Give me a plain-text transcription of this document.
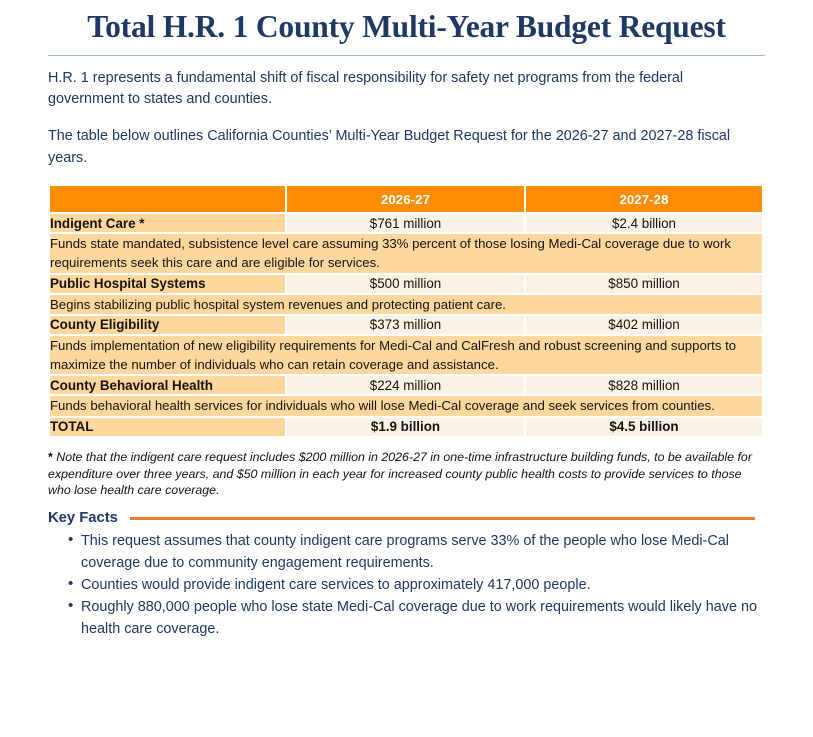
Total H.R. 1 County Multi-Year Budget Request

H.R. 1 represents a fundamental shift of fiscal responsibility for safety net programs from the federal government to states and counties.

The table below outlines California Counties’ Multi-Year Budget Request for the 2026-27 and 2027-28 fiscal years.

	2026-27	2027-28
Indigent Care *	$761 million	$2.4 billion
Funds state mandated, subsistence level care assuming 33% percent of those losing Medi-Cal coverage due to work requirements seek this care and are eligible for services.		
Public Hospital Systems	$500 million	$850 million
Begins stabilizing public hospital system revenues and protecting patient care.		
County Eligibility	$373 million	$402 million
Funds implementation of new eligibility requirements for Medi-Cal and CalFresh and robust screening and supports to maximize the number of individuals who can retain coverage and assistance.		
County Behavioral Health	$224 million	$828 million
Funds behavioral health services for individuals who will lose Medi-Cal coverage and seek services from counties.		
TOTAL	$1.9 billion	$4.5 billion

* Note that the indigent care request includes $200 million in 2026-27 in one-time infrastructure building funds, to be available for expenditure over three years, and $50 million in each year for increased county public health costs to provide services to those who lose health care coverage.

Key Facts
• This request assumes that county indigent care programs serve 33% of the people who lose Medi-Cal coverage due to community engagement requirements.
• Counties would provide indigent care services to approximately 417,000 people.
• Roughly 880,000 people who lose state Medi-Cal coverage due to work requirements would likely have no health care coverage.
